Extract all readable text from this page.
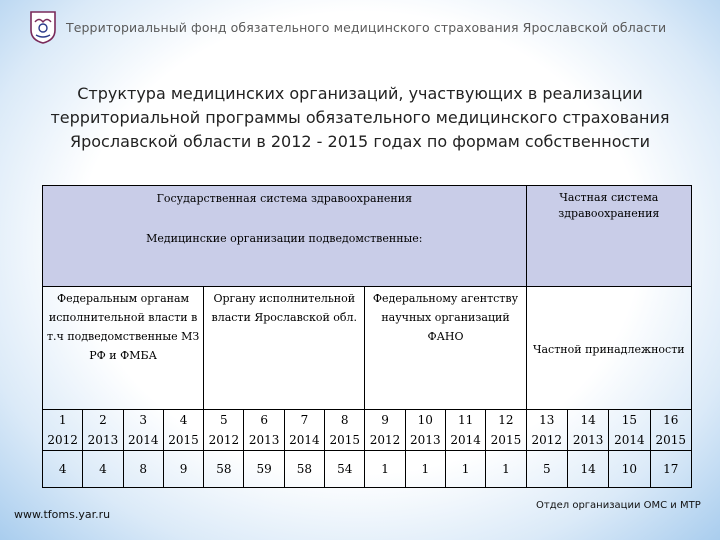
Территориальный фонд обязательного медицинского страхования Ярославской области
Структура медицинских организаций, участвующих в реализации территориальной программы обязательного медицинского страхования Ярославской области в 2012 - 2015 годах по формам собственности
Государственная система здравоохранения
Медицинские организации подведомственные:												Частная система здравоохранения			
Федеральным органам исполнительной власти в т.ч подведомственные МЗ РФ и ФМБА				Органу исполнительной власти Ярославской обл.				Федеральному агентству научных организаций ФАНО				Частной принадлежности			
1	2	3	4	5	6	7	8	9	10	11	12	13	14	15	16
2012	2013	2014	2015	2012	2013	2014	2015	2012	2013	2014	2015	2012	2013	2014	2015
4	4	8	9	58	59	58	54	1	1	1	1	5	14	10	17
www.tfoms.yar.ru
Отдел организации ОМС и МТР
